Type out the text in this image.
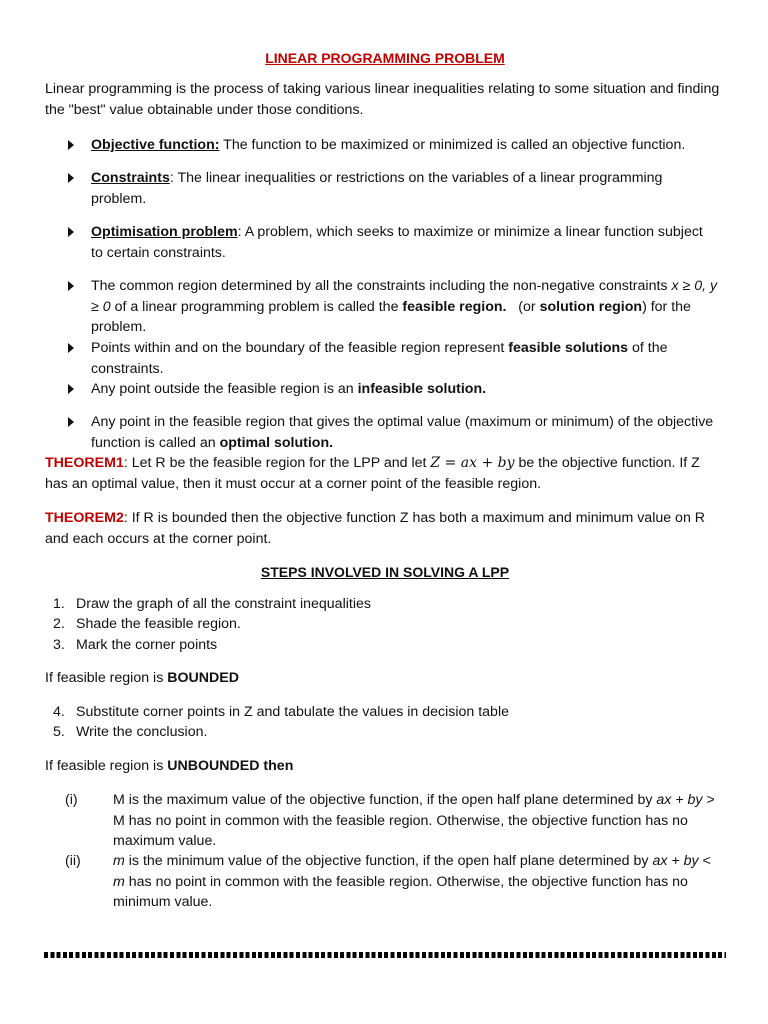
LINEAR PROGRAMMING PROBLEM
Linear programming is the process of taking various linear inequalities relating to some situation and finding the "best" value obtainable under those conditions.
Objective function: The function to be maximized or minimized is called an objective function.
Constraints: The linear inequalities or restrictions on the variables of a linear programming problem.
Optimisation problem: A problem, which seeks to maximize or minimize a linear function subject to certain constraints.
The common region determined by all the constraints including the non-negative constraints x ≥ 0, y ≥ 0 of a linear programming problem is called the feasible region.   (or solution region) for the problem.
Points within and on the boundary of the feasible region represent feasible solutions of the constraints.
Any point outside the feasible region is an infeasible solution.
Any point in the feasible region that gives the optimal value (maximum or minimum) of the objective function is called an optimal solution.
THEOREM1: Let R be the feasible region for the LPP and let Z = ax + by be the objective function. If Z has an optimal value, then it must occur at a corner point of the feasible region.
THEOREM2: If R is bounded then the objective function Z has both a maximum and minimum value on R and each occurs at the corner point.
STEPS INVOLVED IN SOLVING A LPP
1. Draw the graph of all the constraint inequalities
2. Shade the feasible region.
3. Mark the corner points
If feasible region is BOUNDED
4. Substitute corner points in Z and tabulate the values in decision table
5. Write the conclusion.
If feasible region is UNBOUNDED then
(i) M is the maximum value of the objective function, if the open half plane determined by ax + by > M has no point in common with the feasible region. Otherwise, the objective function has no maximum value.
(ii) m is the minimum value of the objective function, if the open half plane determined by ax + by < m has no point in common with the feasible region. Otherwise, the objective function has no minimum value.
